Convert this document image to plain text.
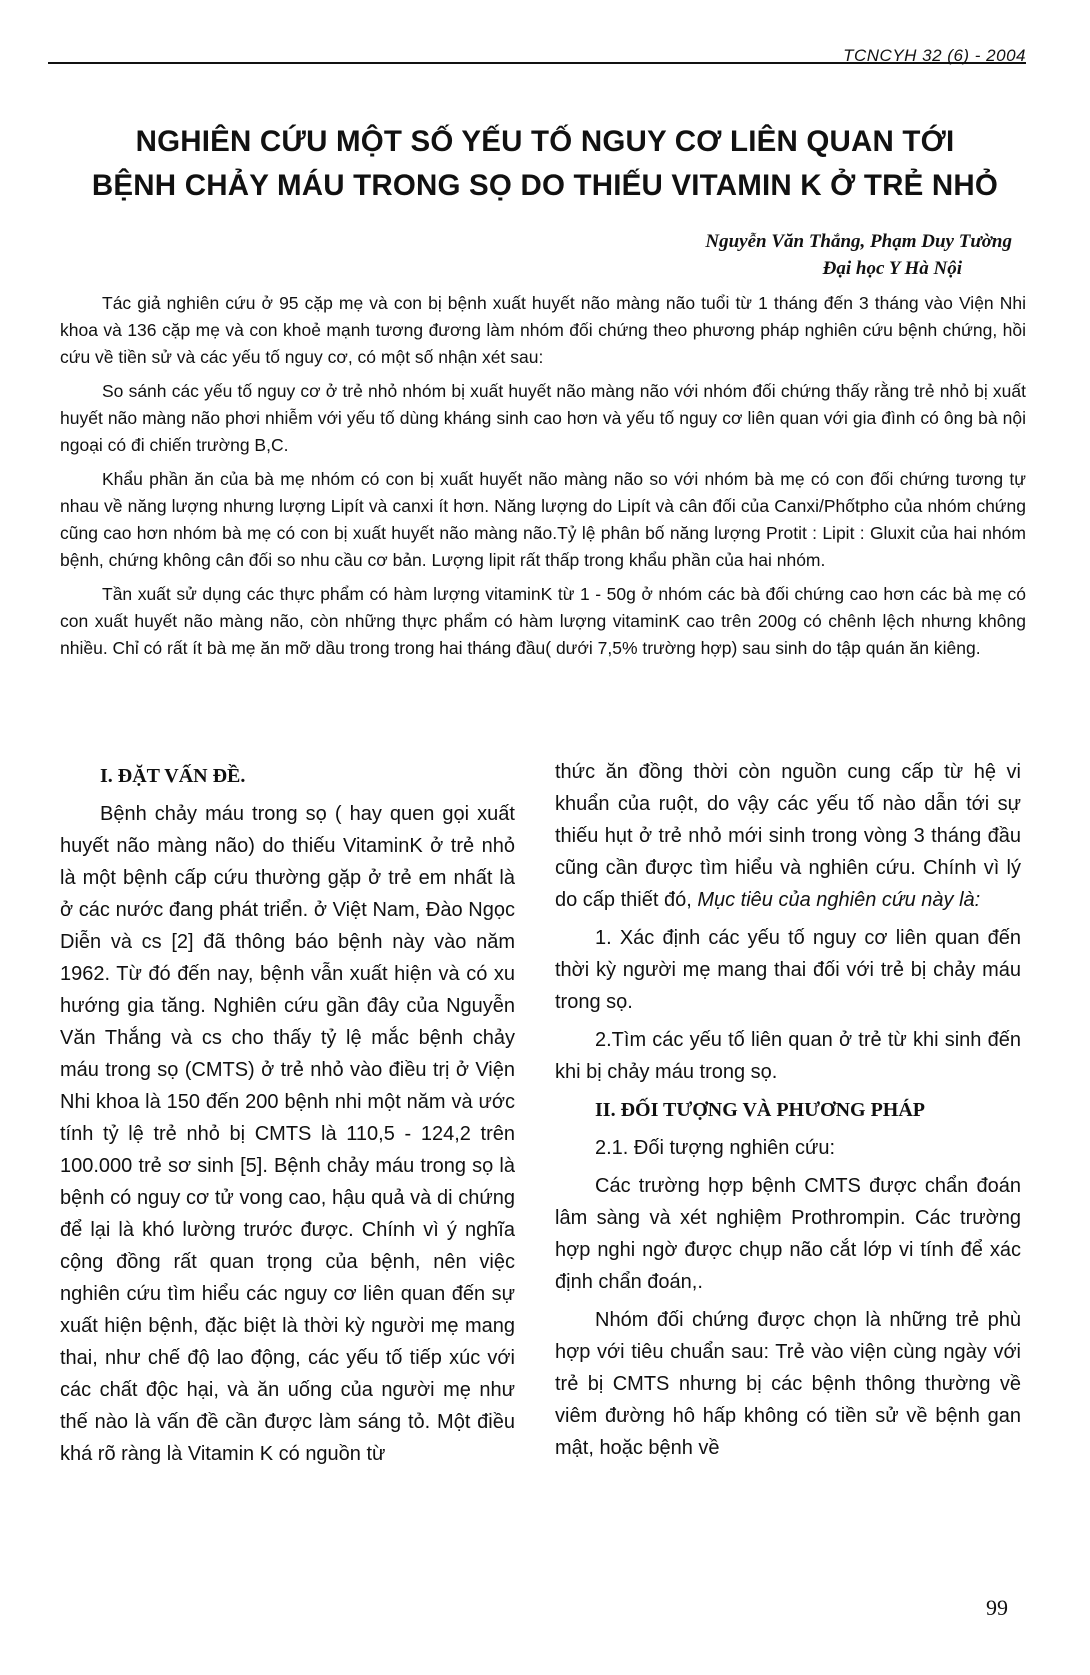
TCNCYH 32 (6) - 2004
NGHIÊN CỨU MỘT SỐ YẾU TỐ NGUY CƠ LIÊN QUAN TỚI
BỆNH CHẢY MÁU TRONG SỌ DO THIẾU VITAMIN K Ở TRẺ NHỎ
Nguyễn Văn Thắng, Phạm Duy Tường
Đại học Y Hà Nội

Tác giả nghiên cứu ở 95 cặp mẹ và con bị bệnh xuất huyết não màng não tuổi từ 1 tháng đến 3 tháng vào Viện Nhi khoa và 136 cặp mẹ và con khoẻ mạnh tương đương làm nhóm đối chứng theo phương pháp nghiên cứu bệnh chứng, hồi cứu về tiền sử và các yếu tố nguy cơ, có một số nhận xét sau:

So sánh các yếu tố nguy cơ ở trẻ nhỏ nhóm bị xuất huyết não màng não với nhóm đối chứng thấy rằng trẻ nhỏ bị xuất huyết não màng não phơi nhiễm với yếu tố dùng kháng sinh cao hơn và yếu tố nguy cơ liên quan với gia đình có ông bà nội ngoại có đi chiến trường B,C.

Khẩu phần ăn của bà mẹ nhóm có con bị xuất huyết não màng não so với nhóm bà mẹ có con đối chứng tương tự nhau về năng lượng nhưng lượng Lipít và canxi ít hơn. Năng lượng do Lipít và cân đối của Canxi/Phốtpho của nhóm chứng cũng cao hơn nhóm bà mẹ có con bị xuất huyết não màng não.Tỷ lệ phân bố năng lượng Protit : Lipit : Gluxit của hai nhóm bệnh, chứng không cân đối so nhu cầu cơ bản. Lượng lipit rất thấp trong khẩu phần của hai nhóm.

Tần xuất sử dụng các thực phẩm có hàm lượng vitaminK từ 1 - 50g ở nhóm các bà đối chứng cao hơn các bà mẹ có con xuất huyết não màng não, còn những thực phẩm có hàm lượng vitaminK cao trên 200g có chênh lệch nhưng không nhiều. Chỉ có rất ít bà mẹ ăn mỡ dầu trong trong hai tháng đầu( dưới 7,5% trường hợp) sau sinh do tập quán ăn kiêng.

I. ĐẶT VẤN ĐỀ.

Bệnh chảy máu trong sọ ( hay quen gọi xuất huyết não màng não) do thiếu VitaminK ở trẻ nhỏ là một bệnh cấp cứu thường gặp ở trẻ em nhất là ở các nước đang phát triển. ở Việt Nam, Đào Ngọc Diễn và cs [2] đã thông báo bệnh này vào năm 1962. Từ đó đến nay, bệnh vẫn xuất hiện và có xu hướng gia tăng. Nghiên cứu gần đây của Nguyễn Văn Thắng và cs cho thấy tỷ lệ mắc bệnh chảy máu trong sọ (CMTS) ở trẻ nhỏ vào điều trị ở Viện Nhi khoa là 150 đến 200 bệnh nhi một năm và ước tính tỷ lệ trẻ nhỏ bị CMTS là 110,5 - 124,2 trên 100.000 trẻ sơ sinh [5]. Bệnh chảy máu trong sọ là bệnh có nguy cơ tử vong cao, hậu quả và di chứng để lại là khó lường trước được. Chính vì ý nghĩa cộng đồng rất quan trọng của bệnh, nên việc nghiên cứu tìm hiểu các nguy cơ liên quan đến sự xuất hiện bệnh, đặc biệt là thời kỳ người mẹ mang thai, như chế độ lao động, các yếu tố tiếp xúc với các chất độc hại, và ăn uống của người mẹ như thế nào là vấn đề cần được làm sáng tỏ. Một điều khá rõ ràng là Vitamin K có nguồn từ

thức ăn đồng thời còn nguồn cung cấp từ hệ vi khuẩn của ruột, do vậy các yếu tố nào dẫn tới sự thiếu hụt ở trẻ nhỏ mới sinh trong vòng 3 tháng đầu cũng cần được tìm hiểu và nghiên cứu. Chính vì lý do cấp thiết đó, Mục tiêu của nghiên cứu này là:

1. Xác định các yếu tố nguy cơ liên quan đến thời kỳ người mẹ mang thai đối với trẻ bị chảy máu trong sọ.

2.Tìm các yếu tố liên quan ở trẻ từ khi sinh đến khi bị chảy máu trong sọ.

II. ĐỐI TƯỢNG VÀ PHƯƠNG PHÁP

2.1. Đối tượng nghiên cứu:

Các trường hợp bệnh CMTS được chẩn đoán lâm sàng và xét nghiệm Prothrompin. Các trường hợp nghi ngờ được chụp não cắt lớp vi tính để xác định chẩn đoán,.

Nhóm đối chứng được chọn là những trẻ phù hợp với tiêu chuẩn sau: Trẻ vào viện cùng ngày với trẻ bị CMTS nhưng bị các bệnh thông thường về viêm đường hô hấp không có tiền sử về bệnh gan mật, hoặc bệnh về

99
